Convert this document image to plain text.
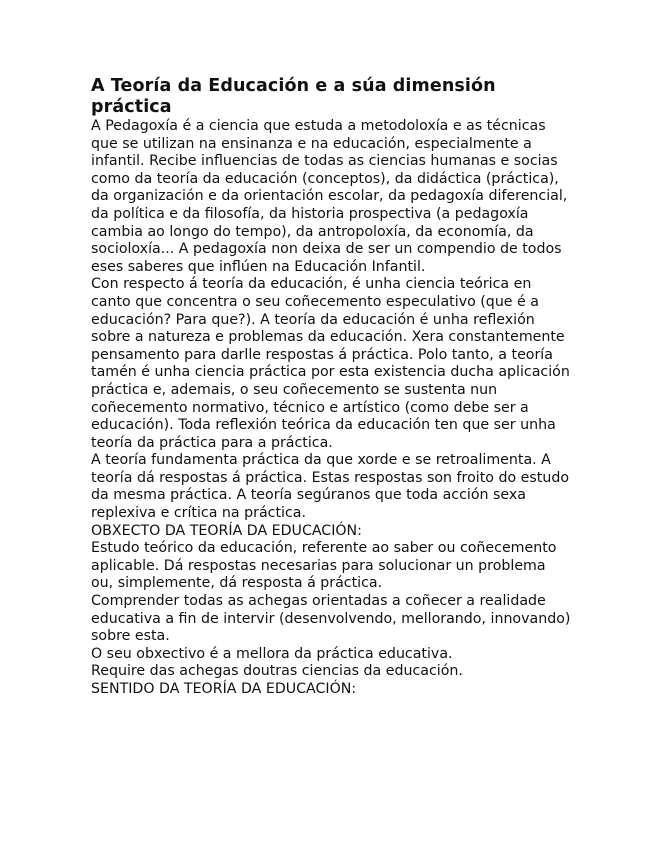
A Teoría da Educación e a súa dimensión práctica

A Pedagoxía é a ciencia que estuda a metodoloxía e as técnicas que se utilizan na ensinanza e na educación, especialmente a infantil. Recibe influencias de todas as ciencias humanas e socias como da teoría da educación (conceptos), da didáctica (práctica), da organización e da orientación escolar, da pedagoxía diferencial, da política e da filosofía, da historia prospectiva (a pedagoxía cambia ao longo do tempo), da antropoloxía, da economía, da socioloxía... A pedagoxía non deixa de ser un compendio de todos eses saberes que inflúen na Educación Infantil.

Con respecto á teoría da educación, é unha ciencia teórica en canto que concentra o seu coñecemento especulativo (que é a educación? Para que?). A teoría da educación é unha reflexión sobre a natureza e problemas da educación. Xera constantemente pensamento para darlle respostas á práctica. Polo tanto, a teoría tamén é unha ciencia práctica por esta existencia ducha aplicación práctica e, ademais, o seu coñecemento se sustenta nun coñecemento normativo, técnico e artístico (como debe ser a educación). Toda reflexión teórica da educación ten que ser unha teoría da práctica para a práctica.

A teoría fundamenta práctica da que xorde e se retroalimenta. A teoría dá respostas á práctica. Estas respostas son froito do estudo da mesma práctica. A teoría segúranos que toda acción sexa replexiva e crítica na práctica.

OBXECTO DA TEORÍA DA EDUCACIÓN:

Estudo teórico da educación, referente ao saber ou coñecemento aplicable. Dá respostas necesarias para solucionar un problema ou, simplemente, dá resposta á práctica.

Comprender todas as achegas orientadas a coñecer a realidade educativa a fin de intervir (desenvolvendo, mellorando, innovando) sobre esta.

O seu obxectivo é a mellora da práctica educativa.

Require das achegas doutras ciencias da educación.

SENTIDO DA TEORÍA DA EDUCACIÓN:
